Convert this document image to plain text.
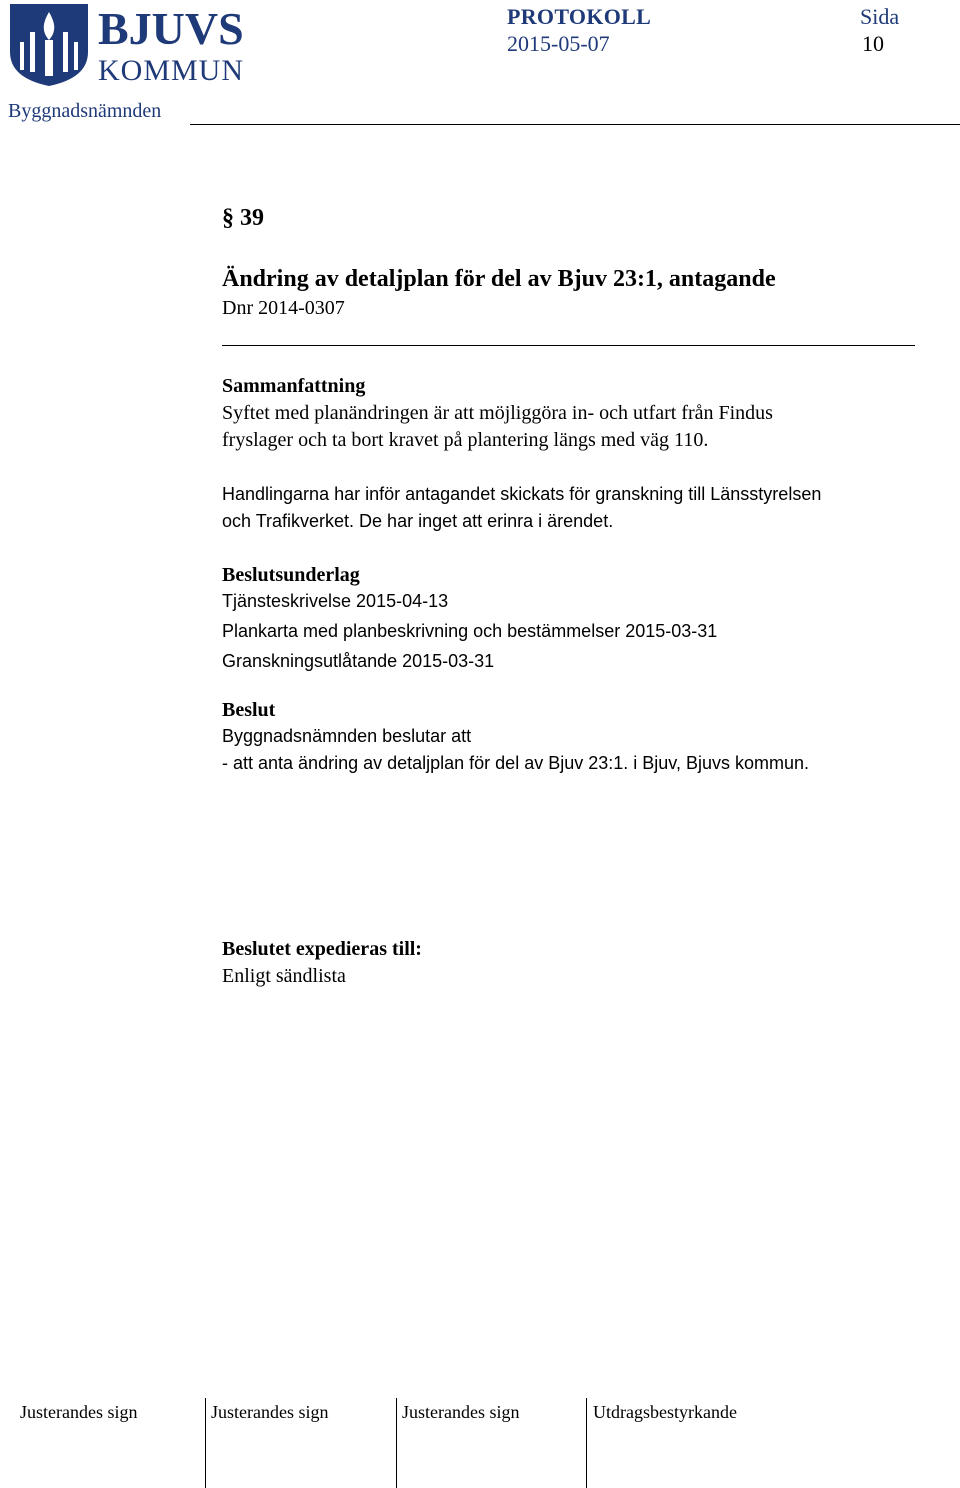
BJUVS
KOMMUN
PROTOKOLL
2015-05-07
Sida
10
Byggnadsnämnden
§ 39
Ändring av detaljplan för del av Bjuv 23:1, antagande
Dnr 2014-0307
Sammanfattning
Syftet med planändringen är att möjliggöra in- och utfart från Findus
fryslager och ta bort kravet på plantering längs med väg 110.
Handlingarna har inför antagandet skickats för granskning till Länsstyrelsen
och Trafikverket. De har inget att erinra i ärendet.
Beslutsunderlag
Tjänsteskrivelse 2015-04-13
Plankarta med planbeskrivning och bestämmelser 2015-03-31
Granskningsutlåtande 2015-03-31
Beslut
Byggnadsnämnden beslutar att
- att anta ändring av detaljplan för del av Bjuv 23:1. i Bjuv, Bjuvs kommun.
Beslutet expedieras till:
Enligt sändlista
Justerandes sign	Justerandes sign	Justerandes sign	Utdragsbestyrkande
